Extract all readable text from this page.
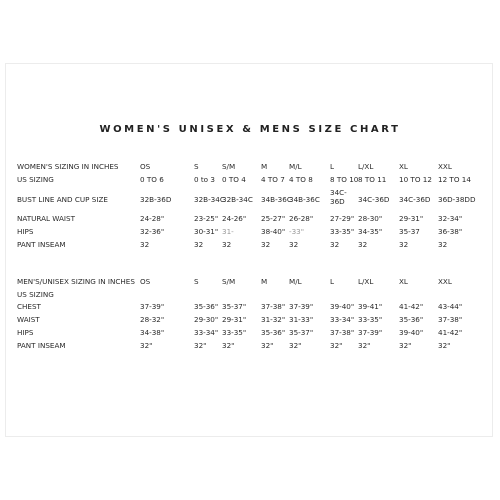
WOMEN'S UNISEX & MENS SIZE CHART
WOMEN'S SIZING IN INCHES	OS	S	S/M	M	M/L	L	L/XL	XL	XXL
US SIZING	0 TO 6	0 to 3 0 TO 4 4 TO 7 4 TO 8 8 TO 10 8 TO 11 10 TO 12 12 TO 14
BUST LINE AND CUP SIZE	32B-36D	32B-34C
32B-34C 34B-36C
34B-36C
34C-36D	34C-36D 34C-36D 36D-38DD
NATURAL WAIST	24-28"	23-25" 24-26" 25-27" 26-28" 27-29" 28-30" 29-31" 32-34"
HIPS	32-36"	30-31" 31-	-33"	33-35" 34-35" 35-37	36-38"
38-40"
PANT INSEAM	32	32	32	32	32	32	32	32	32
MEN'S/UNISEX SIZING IN INCHES OS	S	S/M	M	M/L	L	L/XL	XL	XXL
US SIZING
CHEST	37-39"	35-36" 35-37" 37-38" 37-39" 39-40" 39-41" 41-42" 43-44"
WAIST	28-32"	29-30" 29-31" 31-32" 31-33" 33-34" 33-35" 35-36" 37-38"
HIPS	34-38"	33-34" 33-35" 35-36" 35-37" 37-38" 37-39" 39-40" 41-42"
PANT INSEAM	32"	32" 32"	32" 32"	32" 32"	32"	32"
